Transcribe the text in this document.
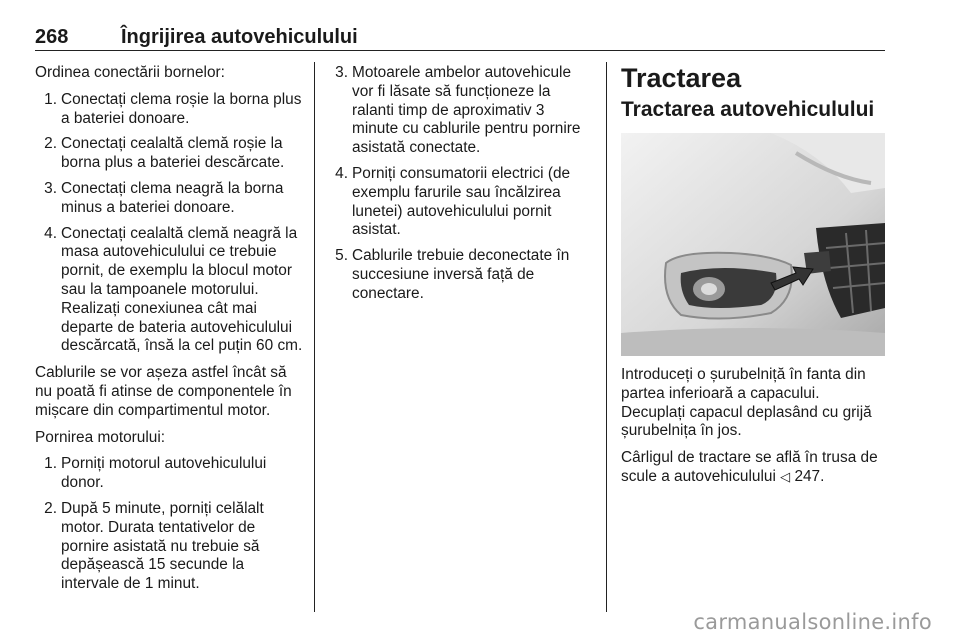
268	Îngrijirea autovehiculului

Ordinea conectării bornelor:

1. Conectați clema roșie la borna plus a bateriei donoare.
2. Conectați cealaltă clemă roșie la borna plus a bateriei descărcate.
3. Conectați clema neagră la borna minus a bateriei donoare.
4. Conectați cealaltă clemă neagră la masa autovehiculului ce trebuie pornit, de exemplu la blocul motor sau la tampoanele motorului. Realizați conexiunea cât mai departe de bateria autovehiculului descărcată, însă la cel puțin 60 cm.

Cablurile se vor așeza astfel încât să nu poată fi atinse de componentele în mișcare din compartimentul motor.

Pornirea motorului:

1. Porniți motorul autovehiculului donor.
2. După 5 minute, porniți celălalt motor. Durata tentativelor de pornire asistată nu trebuie să depășească 15 secunde la intervale de 1 minut.
3. Motoarele ambelor autovehicule vor fi lăsate să funcționeze la ralanti timp de aproximativ 3 minute cu cablurile pentru pornire asistată conectate.
4. Porniți consumatorii electrici (de exemplu farurile sau încălzirea lunetei) autovehiculului pornit asistat.
5. Cablurile trebuie deconectate în succesiune inversă față de conectare.
Tractarea
Tractarea autovehiculului

Introduceți o șurubelniță în fanta din partea inferioară a capacului.

Decuplați capacul deplasând cu grijă șurubelnița în jos.

Cârligul de tractare se află în trusa de scule a autovehiculului ◁ 247.

carmanualsonline.info
